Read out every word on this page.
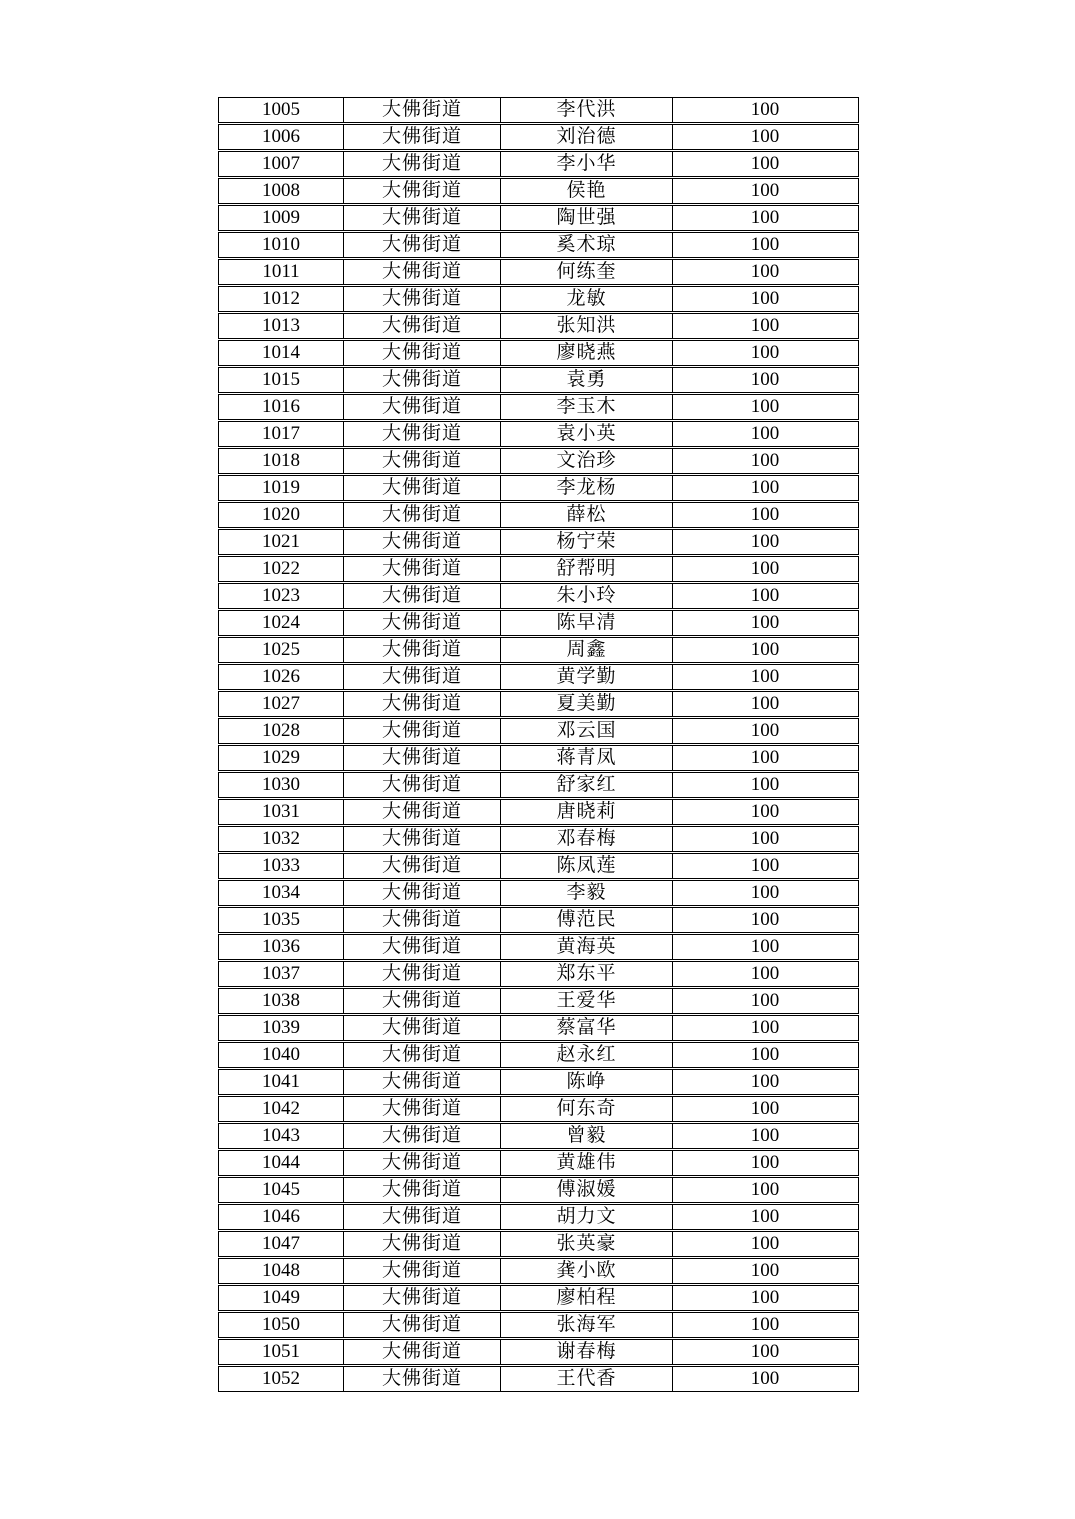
1005	大佛街道	李代洪	100
1006	大佛街道	刘治德	100
1007	大佛街道	李小华	100
1008	大佛街道	侯艳	100
1009	大佛街道	陶世强	100
1010	大佛街道	奚术琼	100
1011	大佛街道	何练奎	100
1012	大佛街道	龙敏	100
1013	大佛街道	张知洪	100
1014	大佛街道	廖晓燕	100
1015	大佛街道	袁勇	100
1016	大佛街道	李玉木	100
1017	大佛街道	袁小英	100
1018	大佛街道	文治珍	100
1019	大佛街道	李龙杨	100
1020	大佛街道	薛松	100
1021	大佛街道	杨宁荣	100
1022	大佛街道	舒帮明	100
1023	大佛街道	朱小玲	100
1024	大佛街道	陈早清	100
1025	大佛街道	周鑫	100
1026	大佛街道	黄学勤	100
1027	大佛街道	夏美勤	100
1028	大佛街道	邓云国	100
1029	大佛街道	蒋青凤	100
1030	大佛街道	舒家红	100
1031	大佛街道	唐晓莉	100
1032	大佛街道	邓春梅	100
1033	大佛街道	陈凤莲	100
1034	大佛街道	李毅	100
1035	大佛街道	傅范民	100
1036	大佛街道	黄海英	100
1037	大佛街道	郑东平	100
1038	大佛街道	王爱华	100
1039	大佛街道	蔡富华	100
1040	大佛街道	赵永红	100
1041	大佛街道	陈峥	100
1042	大佛街道	何东奇	100
1043	大佛街道	曾毅	100
1044	大佛街道	黄雄伟	100
1045	大佛街道	傅淑媛	100
1046	大佛街道	胡力文	100
1047	大佛街道	张英豪	100
1048	大佛街道	龚小欧	100
1049	大佛街道	廖柏程	100
1050	大佛街道	张海军	100
1051	大佛街道	谢春梅	100
1052	大佛街道	王代香	100
